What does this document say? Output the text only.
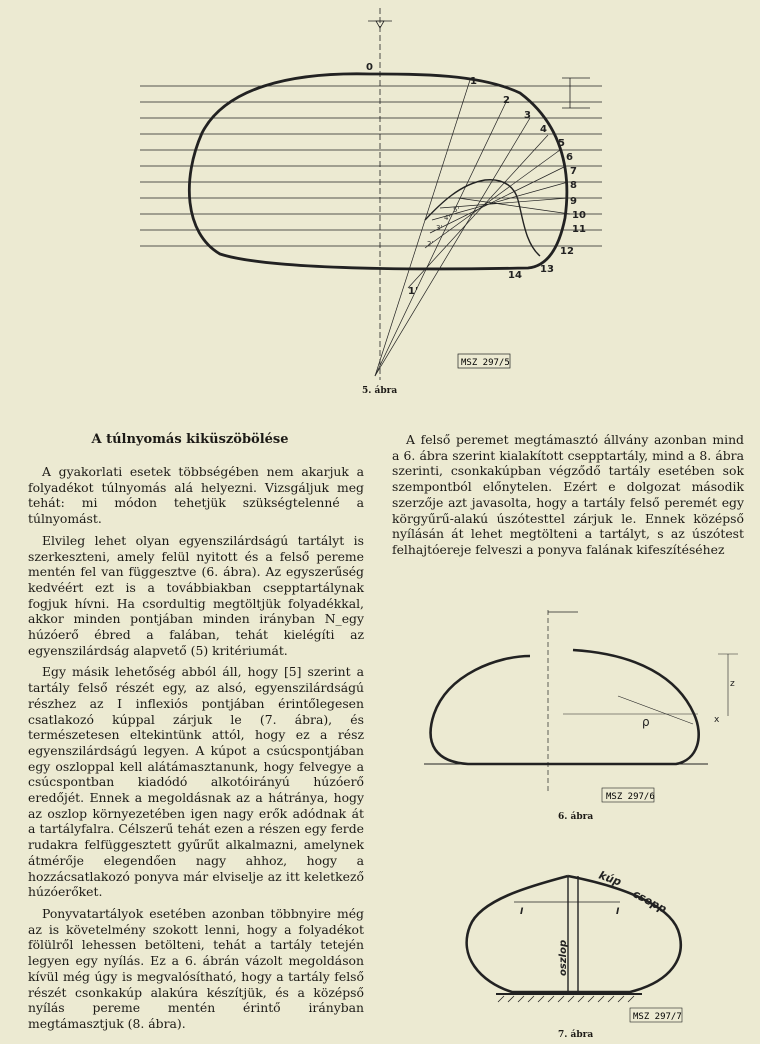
0
1
2
3
4
5
6
7
8
9
10
11
12
13
14
1'
2'
3'
4'
5'
MSZ 297/5
5. ábra
A túlnyomás kiküszöbölése

A gyakorlati esetek többségében nem akarjuk a folyadékot túlnyomás alá helyezni. Vizsgáljuk meg tehát: mi módon tehetjük szükségtelenné a túlnyomást.

Elvileg lehet olyan egyenszilárdságú tartályt is szerkeszteni, amely felül nyitott és a felső pereme mentén fel van függesztve (6. ábra). Az egyszerűség kedvéért ezt is a továbbiakban csepptartálynak fogjuk hívni. Ha csordultig megtöltjük folyadékkal, akkor minden pontjában minden irányban N_egy húzóerő ébred a falában, tehát kielégíti az egyenszilárdság alapvető (5) kritériumát.

Egy másik lehetőség abból áll, hogy [5] szerint a tartály felső részét egy, az alsó, egyenszilárdságú részhez az I inflexiós pontjában érintőlegesen csatlakozó kúppal zárjuk le (7. ábra), és természetesen eltekintünk attól, hogy ez a rész egyenszilárdságú legyen. A kúpot a csúcspontjában egy oszloppal kell alátámasztanunk, hogy felvegye a csúcspontban kiadódó alkotóirányú húzóerő eredőjét. Ennek a megoldásnak az a hátránya, hogy az oszlop környezetében igen nagy erők adódnak át a tartályfalra. Célszerű tehát ezen a részen egy ferde rudakra felfüggesztett gyűrűt alkalmazni, amelynek átmérője elegendően nagy ahhoz, hogy a hozzácsatlakozó ponyva már elviselje az itt keletkező húzóerőket.

Ponyvatartályok esetében azonban többnyire még az is követelmény szokott lenni, hogy a folyadékot fölülről lehessen betölteni, tehát a tartály tetején legyen egy nyílás. Ez a 6. ábrán vázolt megoldáson kívül még úgy is megvalósítható, hogy a tartály felső részét csonkakúp alakúra készítjük, és a középső nyílás pereme mentén érintő irányban megtámasztjuk (8. ábra).

A felső peremet megtámasztó állvány azonban mind a 6. ábra szerint kialakított csepptartály, mind a 8. ábra szerinti, csonkakúpban végződő tartály esetében sok szempontból előnytelen. Ezért e dolgozat második szerzője azt javasolta, hogy a tartály felső peremét egy körgyűrű-alakú úszótesttel zárjuk le. Ennek középső nyílásán át lehet megtölteni a tartályt, s az úszótest felhajtóereje felveszi a ponyva falának kifeszítéséhez

ρ
z
x
MSZ 297/6
6. ábra
kúp
csepp
oszlop
I	I
MSZ 297/7
7. ábra
